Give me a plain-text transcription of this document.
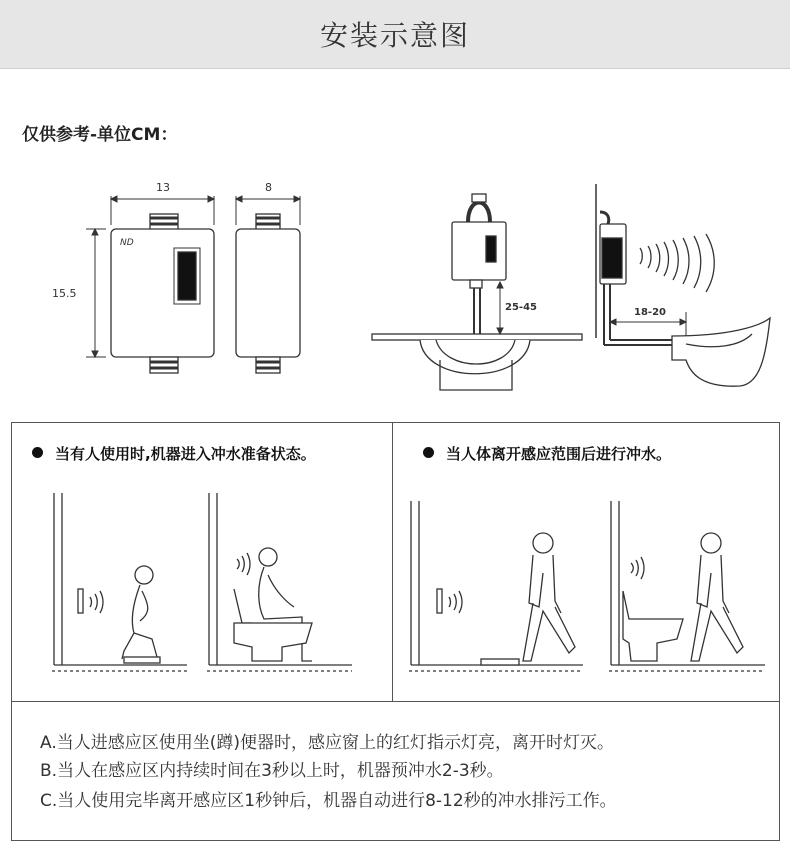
安装示意图
仅供参考-单位CM：
ND
13	8
15.5
25-45	18-20
当有人使用时,机器进入冲水准备状态。	当人体离开感应范围后进行冲水。
A.当人进感应区使用坐(蹲)便器时，感应窗上的红灯指示灯亮，离开时灯灭。
B.当人在感应区内持续时间在3秒以上时，机器预冲水2-3秒。
C.当人使用完毕离开感应区1秒钟后，机器自动进行8-12秒的冲水排污工作。
